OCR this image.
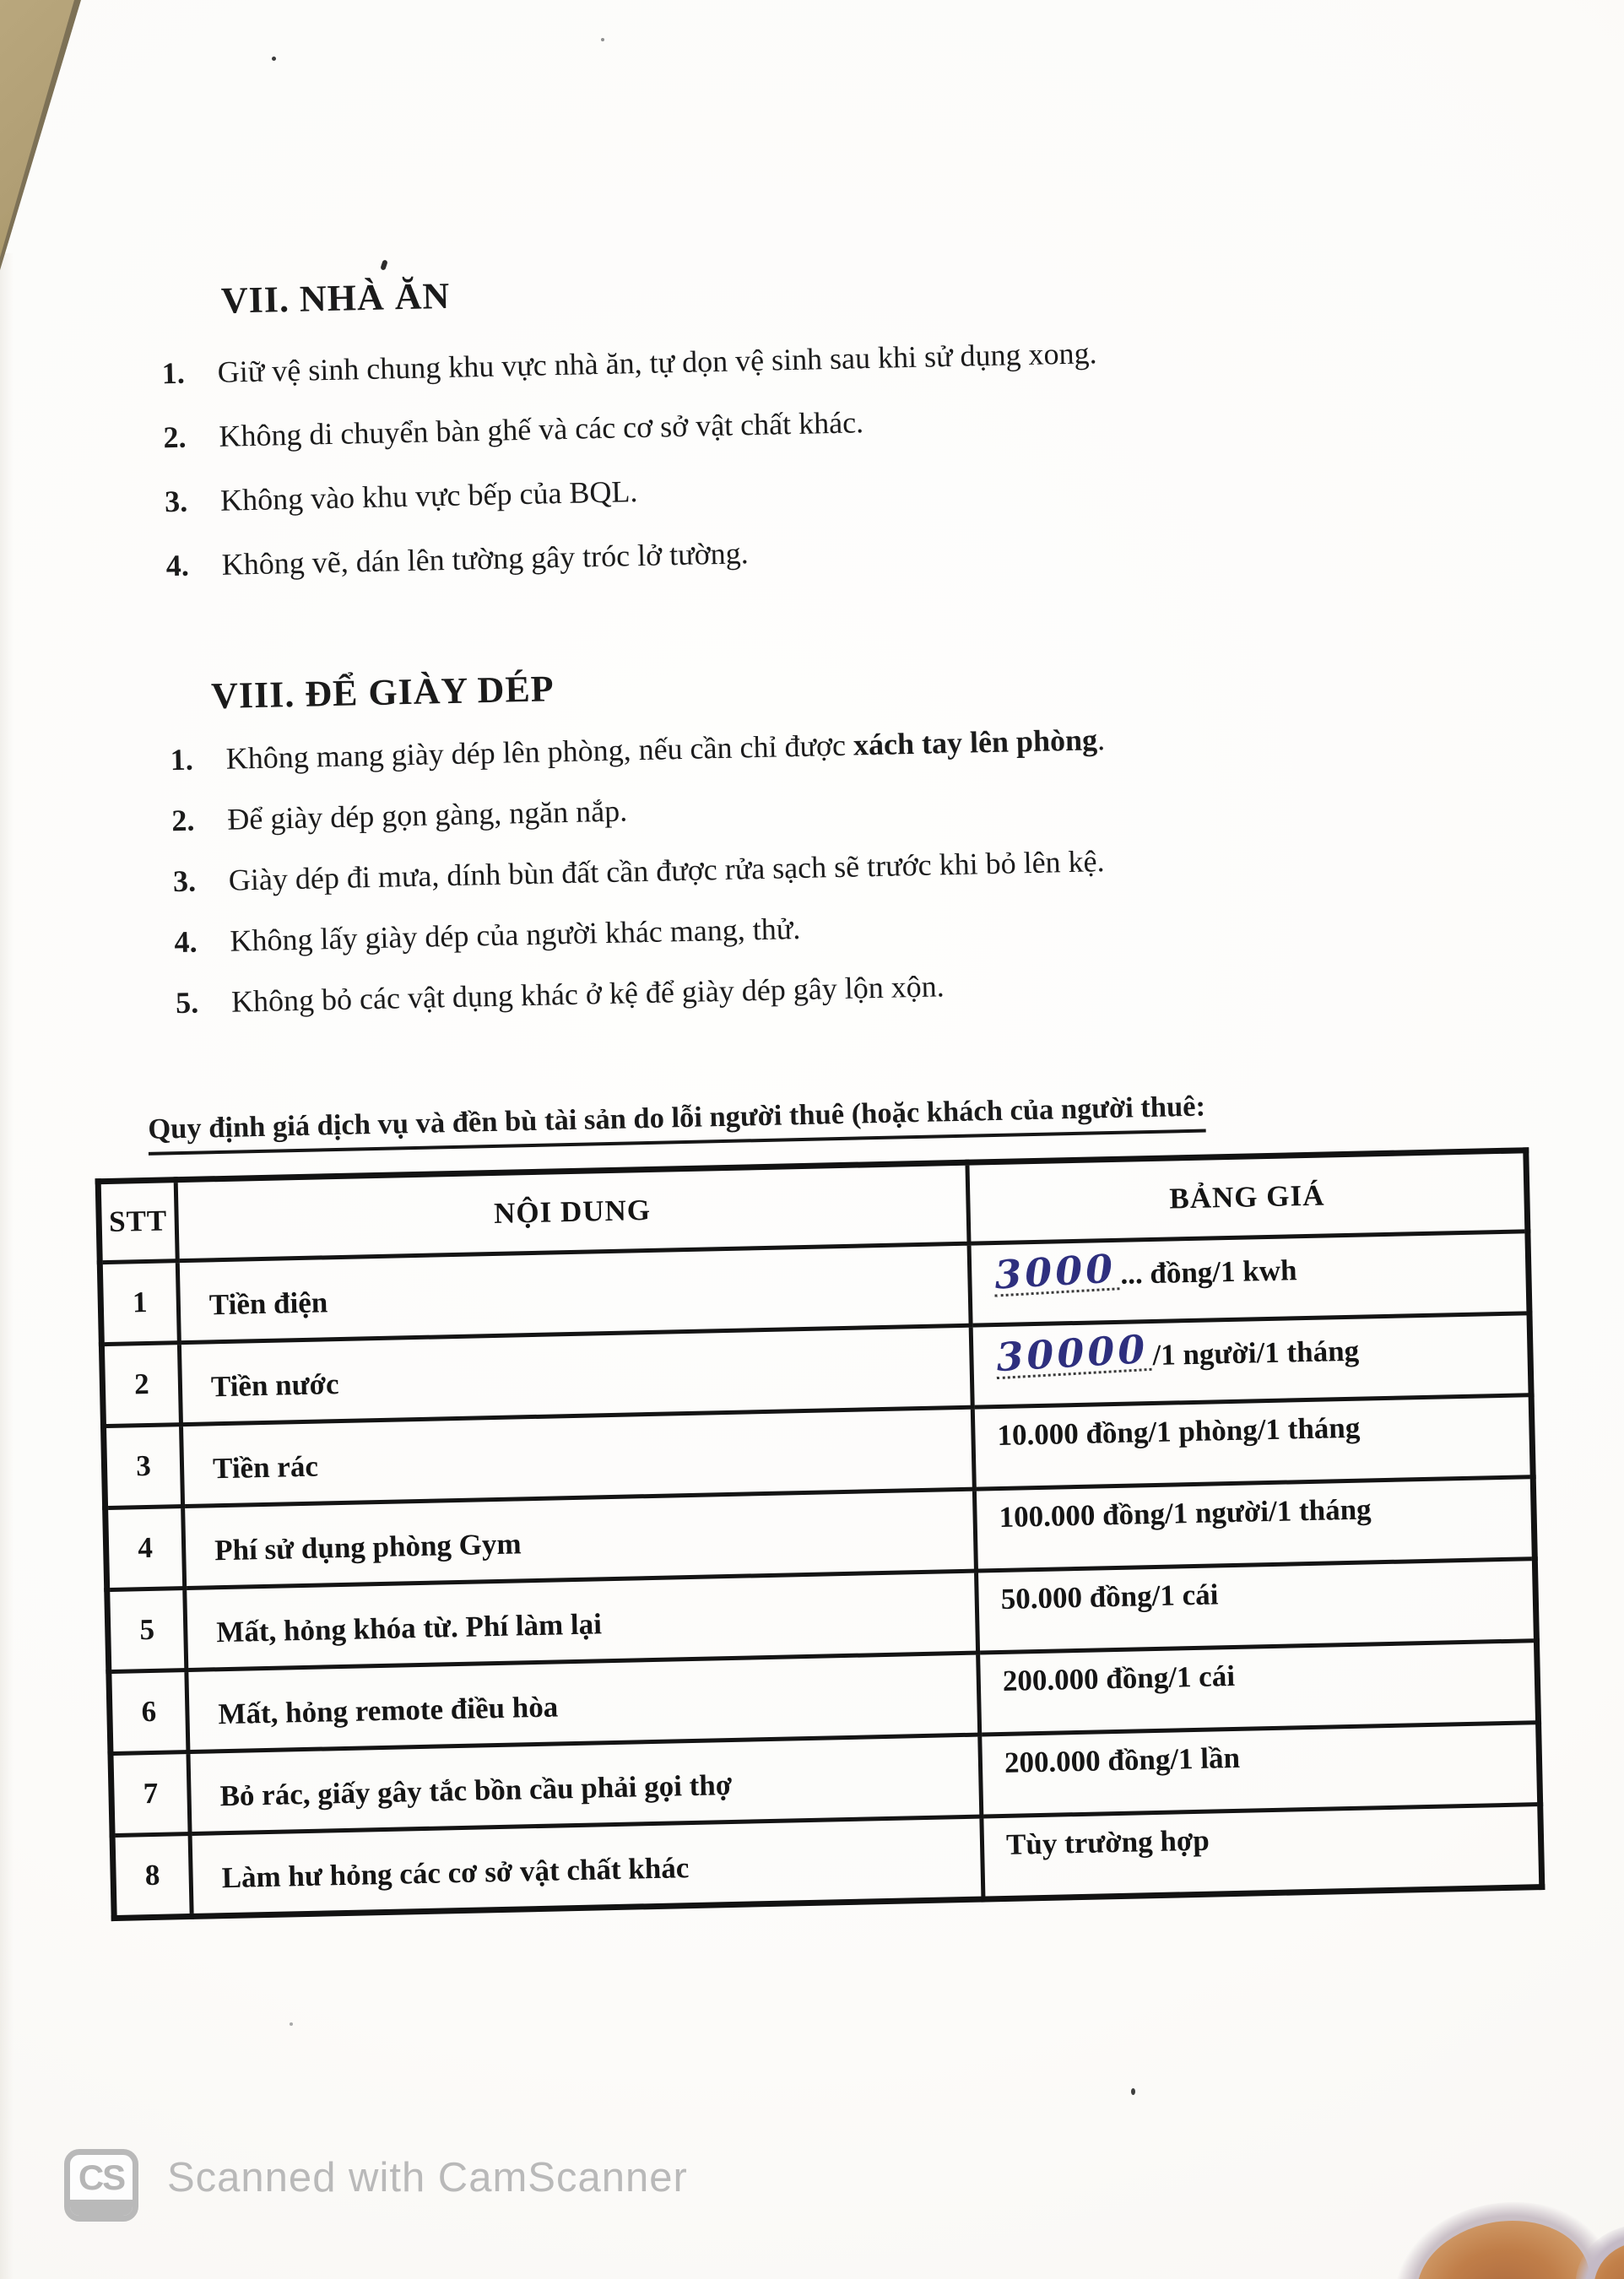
VII. NHÀ ĂN
1.	Giữ vệ sinh chung khu vực nhà ăn, tự dọn vệ sinh sau khi sử dụng xong.
2.	Không di chuyển bàn ghế và các cơ sở vật chất khác.
3.	Không vào khu vực bếp của BQL.
4.	Không vẽ, dán lên tường gây tróc lở tường.
VIII. ĐỂ GIÀY DÉP
1.	Không mang giày dép lên phòng, nếu cần chỉ được xách tay lên phòng.
2.	Để giày dép gọn gàng, ngăn nắp.
3.	Giày dép đi mưa, dính bùn đất cần được rửa sạch sẽ trước khi bỏ lên kệ.
4.	Không lấy giày dép của người khác mang, thử.
5.	Không bỏ các vật dụng khác ở kệ để giày dép gây lộn xộn.
Quy định giá dịch vụ và đền bù tài sản do lỗi người thuê (hoặc khách của người thuê:
STT	NỘI DUNG	BẢNG GIÁ
1	Tiền điện	3000... đồng/1 kwh
2	Tiền nước	30000/1 người/1 tháng
3	Tiền rác	10.000 đồng/1 phòng/1 tháng
4	Phí sử dụng phòng Gym	100.000 đồng/1 người/1 tháng
5	Mất, hỏng khóa từ. Phí làm lại	50.000 đồng/1 cái
6	Mất, hỏng remote điều hòa	200.000 đồng/1 cái
7	Bỏ rác, giấy gây tắc bồn cầu phải gọi thợ	200.000 đồng/1 lần
8	Làm hư hỏng các cơ sở vật chất khác	Tùy trường hợp
CS Scanned with CamScanner
